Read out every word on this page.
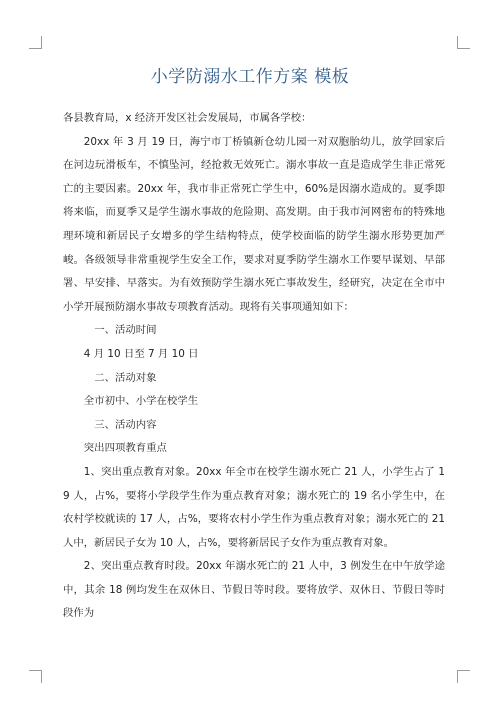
小学防溺水工作方案 模板

各县教育局，x 经济开发区社会发展局，市属各学校：

20xx 年 3 月 19 日，海宁市丁桥镇新仓幼儿园一对双胞胎幼儿，放学回家后在河边玩滑板车，不慎坠河，经抢救无效死亡。溺水事故一直是造成学生非正常死亡的主要因素。20xx 年，我市非正常死亡学生中，60%是因溺水造成的。夏季即将来临，而夏季又是学生溺水事故的危险期、高发期。由于我市河网密布的特殊地理环境和新居民子女增多的学生结构特点，使学校面临的防学生溺水形势更加严峻。各级领导非常重视学生安全工作，要求对夏季防学生溺水工作要早谋划、早部署、早安排、早落实。为有效预防学生溺水死亡事故发生，经研究，决定在全市中小学开展预防溺水事故专项教育活动。现将有关事项通知如下：

一、活动时间

4 月 10 日至 7 月 10 日

二、活动对象

全市初中、小学在校学生

三、活动内容

突出四项教育重点

1、突出重点教育对象。20xx 年全市在校学生溺水死亡 21 人，小学生占了 19 人，占%，要将小学段学生作为重点教育对象；溺水死亡的 19 名小学生中，在农村学校就读的 17 人，占%，要将农村小学生作为重点教育对象；溺水死亡的 21 人中，新居民子女为 10 人，占%，要将新居民子女作为重点教育对象。

2、突出重点教育时段。20xx 年溺水死亡的 21 人中，3 例发生在中午放学途中，其余 18 例均发生在双休日、节假日等时段。要将放学、双休日、节假日等时段作为
